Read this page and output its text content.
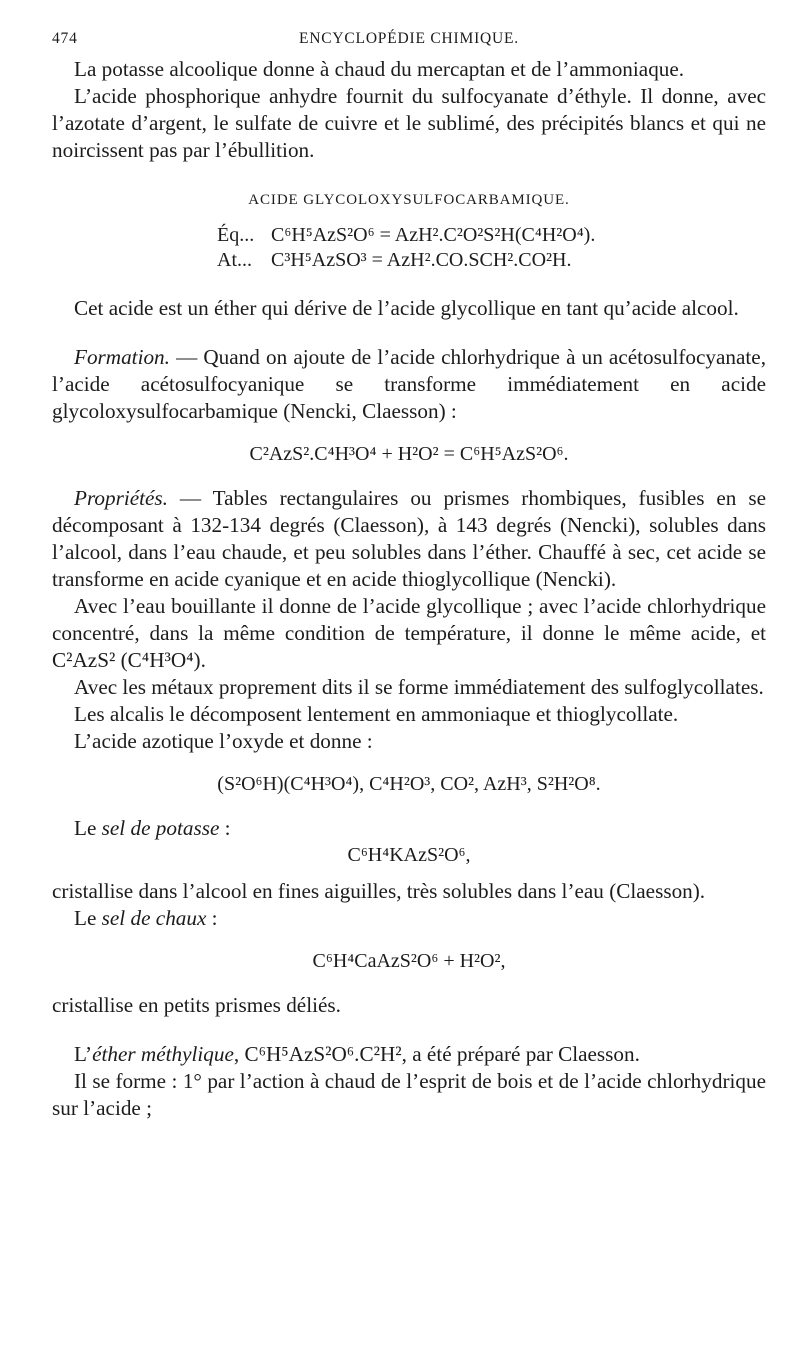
474	ENCYCLOPÉDIE CHIMIQUE.

La potasse alcoolique donne à chaud du mercaptan et de l’ammoniaque.

L’acide phosphorique anhydre fournit du sulfocyanate d’éthyle. Il donne, avec l’azotate d’argent, le sulfate de cuivre et le sublimé, des précipités blancs et qui ne noircissent pas par l’ébullition.

ACIDE GLYCOLOXYSULFOCARBAMIQUE.
Éq... C⁶H⁵AzS²O⁶ = AzH².C²O²S²H(C⁴H²O⁴).
At... C³H⁵AzSO³ = AzH².CO.SCH².CO²H.

Cet acide est un éther qui dérive de l’acide glycollique en tant qu’acide alcool.

Formation. — Quand on ajoute de l’acide chlorhydrique à un acétosulfocyanate, l’acide acétosulfocyanique se transforme immédiatement en acide glycoloxysulfocarbamique (Nencki, Claesson) :

C²AzS².C⁴H³O⁴ + H²O² = C⁶H⁵AzS²O⁶.

Propriétés. — Tables rectangulaires ou prismes rhombiques, fusibles en se décomposant à 132-134 degrés (Claesson), à 143 degrés (Nencki), solubles dans l’alcool, dans l’eau chaude, et peu solubles dans l’éther. Chauffé à sec, cet acide se transforme en acide cyanique et en acide thioglycollique (Nencki).

Avec l’eau bouillante il donne de l’acide glycollique ; avec l’acide chlorhydrique concentré, dans la même condition de température, il donne le même acide, et C²AzS² (C⁴H³O⁴).

Avec les métaux proprement dits il se forme immédiatement des sulfoglycollates.

Les alcalis le décomposent lentement en ammoniaque et thioglycollate.

L’acide azotique l’oxyde et donne :

(S²O⁶H)(C⁴H³O⁴), C⁴H²O³, CO², AzH³, S²H²O⁸.

Le sel de potasse :

C⁶H⁴KAzS²O⁶,

cristallise dans l’alcool en fines aiguilles, très solubles dans l’eau (Claesson).

Le sel de chaux :

C⁶H⁴CaAzS²O⁶ + H²O²,

cristallise en petits prismes déliés.

L’éther méthylique, C⁶H⁵AzS²O⁶.C²H², a été préparé par Claesson.

Il se forme : 1° par l’action à chaud de l’esprit de bois et de l’acide chlorhydrique sur l’acide ;
